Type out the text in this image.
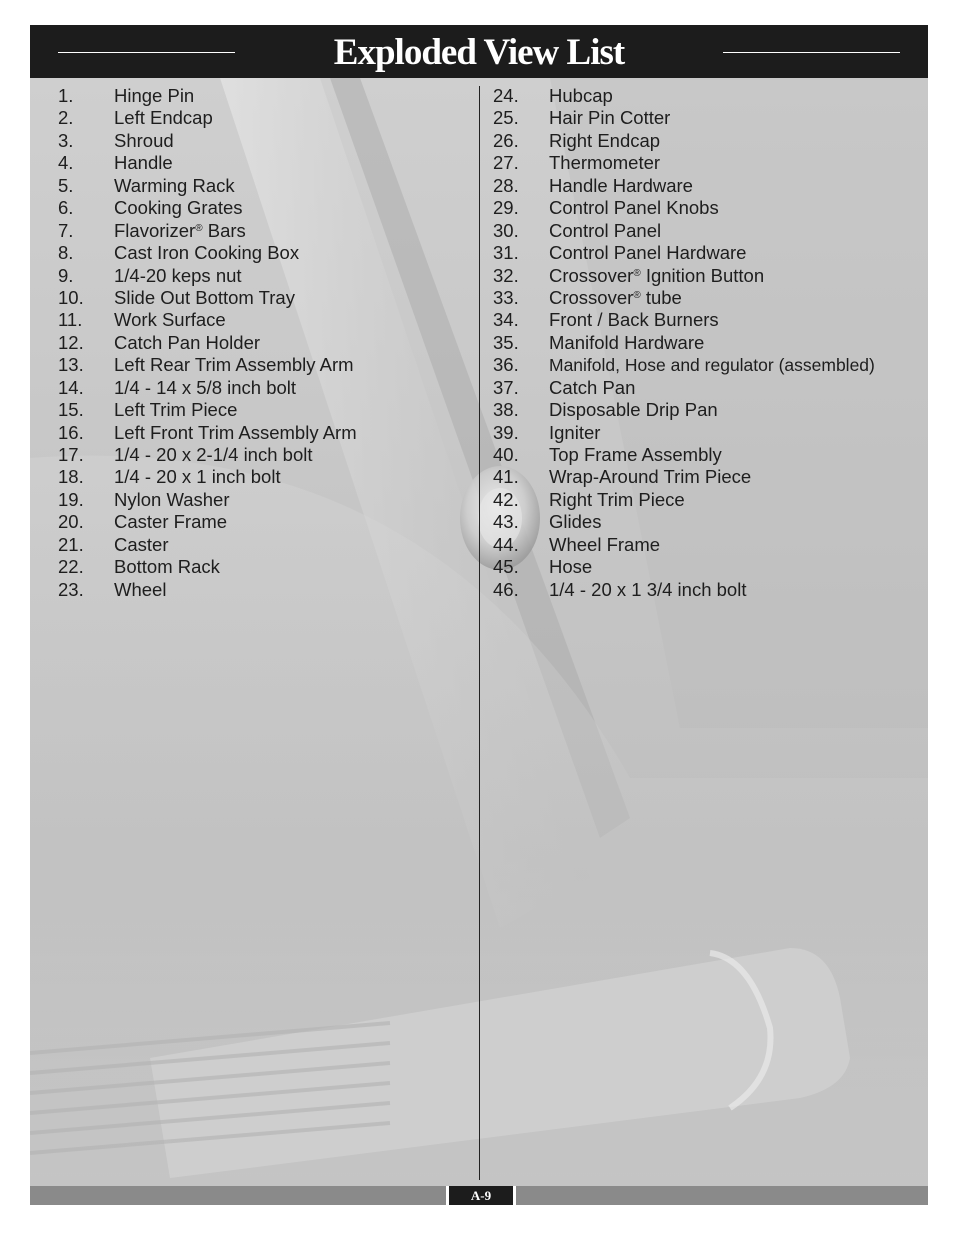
Exploded View List
1. Hinge Pin
2. Left Endcap
3. Shroud
4. Handle
5. Warming Rack
6. Cooking Grates
7. Flavorizer® Bars
8. Cast Iron Cooking Box
9. 1/4-20 keps nut
10. Slide Out Bottom Tray
11. Work Surface
12. Catch Pan Holder
13. Left Rear Trim Assembly Arm
14. 1/4 - 14 x 5/8 inch bolt
15. Left Trim Piece
16. Left Front Trim Assembly Arm
17. 1/4 - 20 x 2-1/4 inch bolt
18. 1/4 - 20 x 1 inch bolt
19. Nylon Washer
20. Caster Frame
21. Caster
22. Bottom Rack
23. Wheel
24. Hubcap
25. Hair Pin Cotter
26. Right Endcap
27. Thermometer
28. Handle Hardware
29. Control Panel Knobs
30. Control Panel
31. Control Panel Hardware
32. Crossover® Ignition Button
33. Crossover® tube
34. Front / Back Burners
35. Manifold Hardware
36. Manifold, Hose and regulator (assembled)
37. Catch Pan
38. Disposable Drip Pan
39. Igniter
40. Top Frame Assembly
41. Wrap-Around Trim Piece
42. Right Trim Piece
43. Glides
44. Wheel Frame
45. Hose
46. 1/4 - 20 x 1 3/4 inch bolt
A-9
